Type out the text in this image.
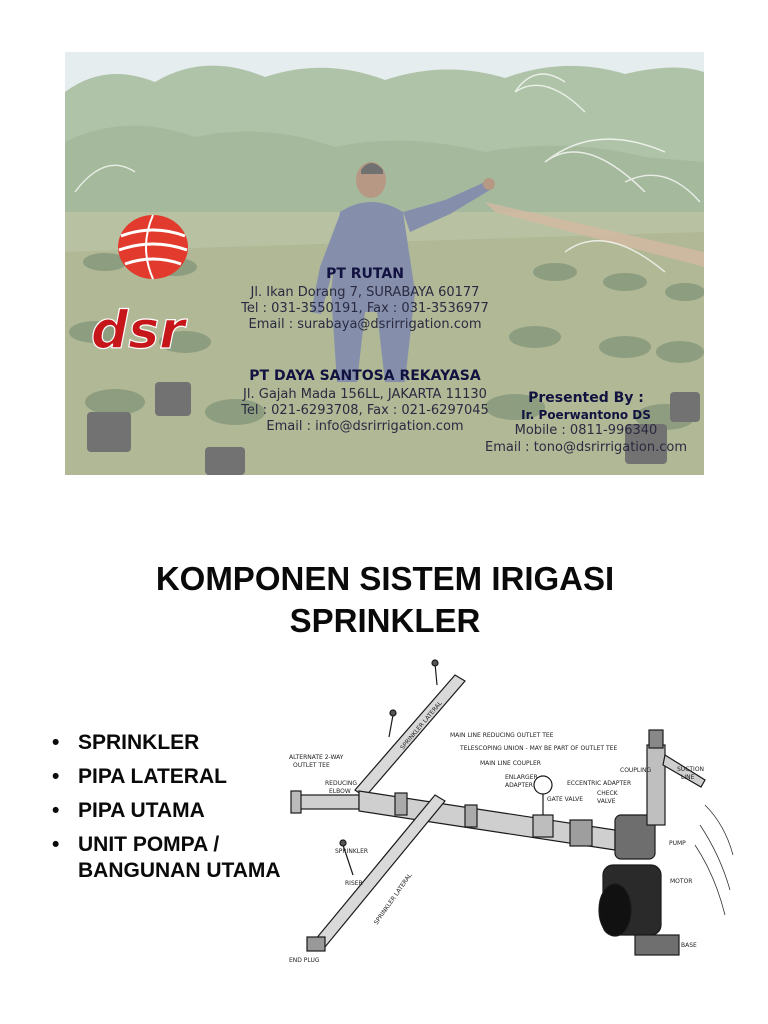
dsr
PT RUTAN
Jl. Ikan Dorang 7, SURABAYA 60177
Tel : 031-3550191, Fax : 031-3536977
Email : surabaya@dsrirrigation.com
PT DAYA SANTOSA REKAYASA
Jl. Gajah Mada 156LL, JAKARTA 11130
Tel : 021-6293708, Fax : 021-6297045
Email : info@dsrirrigation.com
Presented By :
Ir. Poerwantono DS
Mobile : 0811-996340
Email : tono@dsrirrigation.com
KOMPONEN SISTEM IRIGASI
SPRINKLER
• SPRINKLER
• PIPA LATERAL
• PIPA UTAMA
• UNIT POMPA /
BANGUNAN UTAMA
MAIN LINE REDUCING OUTLET TEE
TELESCOPING UNION - MAY BE PART OF OUTLET TEE
MAIN LINE COUPLER
ENLARGER
ADAPTER	ECCENTRIC ADAPTER
COUPLING	SUCTION
LINE
GATE VALVE
CHECK
VALVE
PUMP
MOTOR
BASE
ALTERNATE 2-WAY
OUTLET TEE
REDUCING
ELBOW
SPRINKLER
RISER
END PLUG
SPRINKLER LATERAL
SPRINKLER LATERAL
